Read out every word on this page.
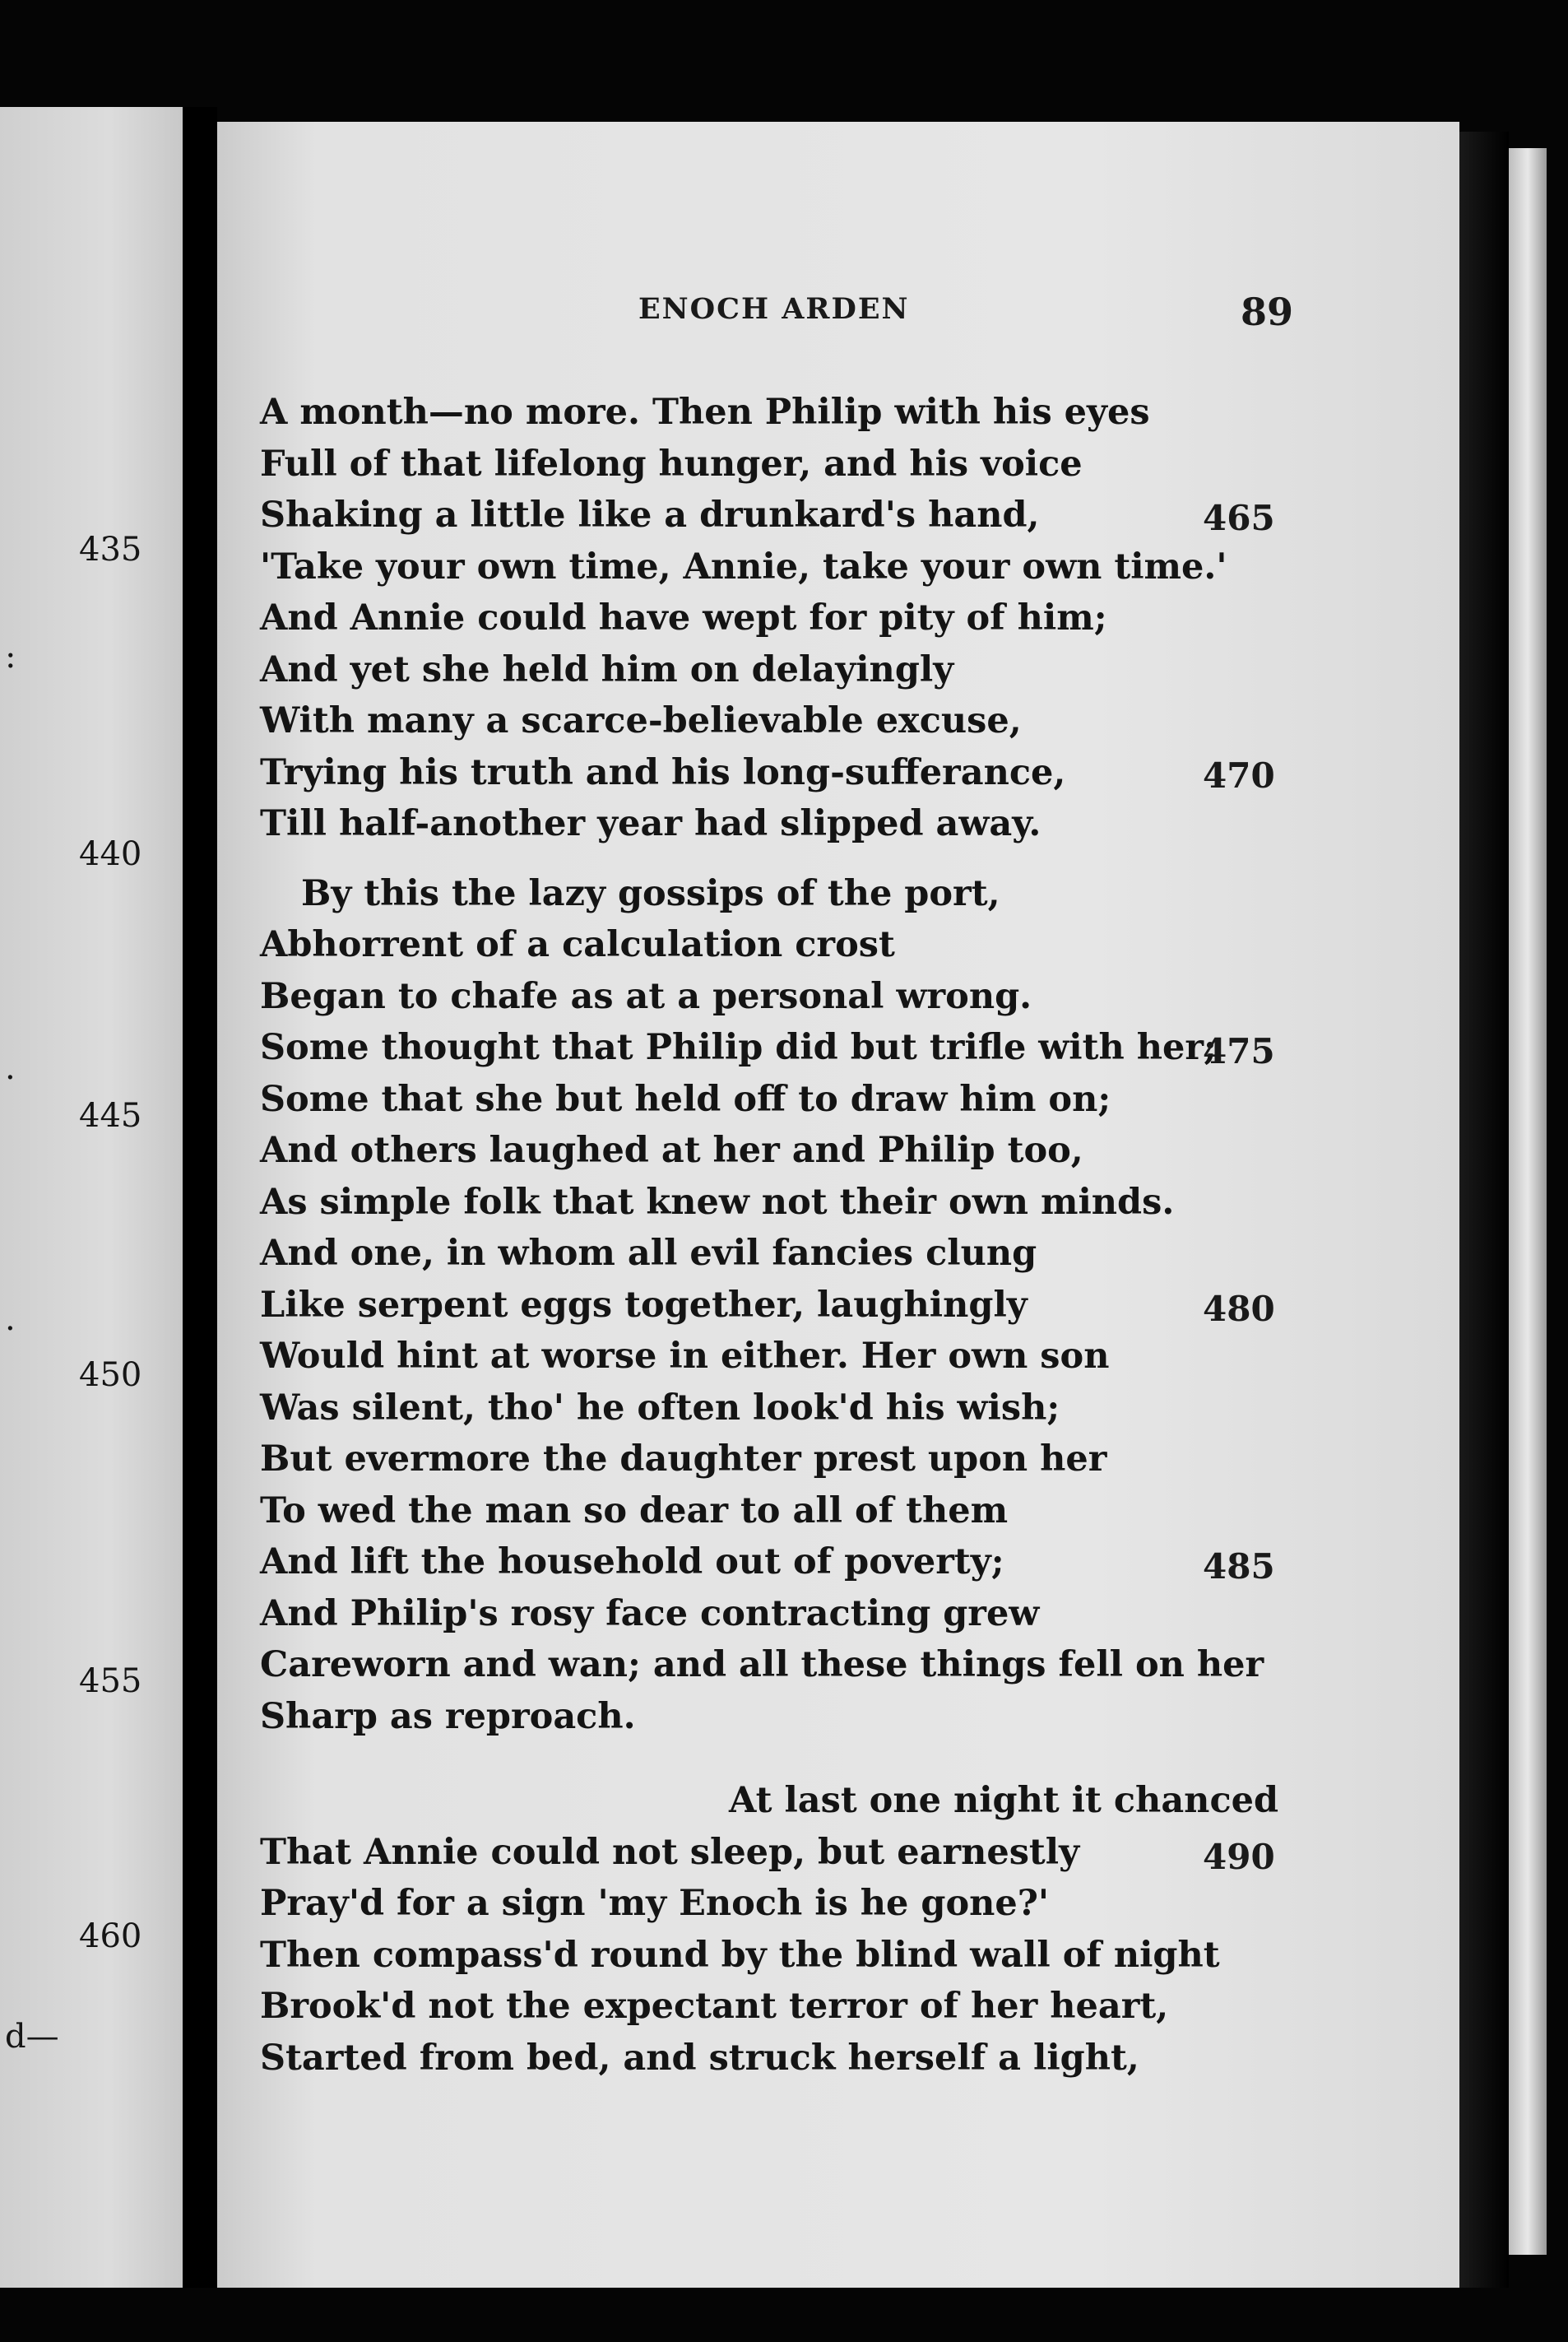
435
440
445
450
455
460
:
.
.
d—
ENOCH ARDEN	89
A month—no more. Then Philip with his eyes
Full of that lifelong hunger, and his voice
Shaking a little like a drunkard's hand,
'Take your own time, Annie, take your own time.'
And Annie could have wept for pity of him;
And yet she held him on delayingly
With many a scarce-believable excuse,
Trying his truth and his long-sufferance,
Till half-another year had slipped away.
By this the lazy gossips of the port,
Abhorrent of a calculation crost
Began to chafe as at a personal wrong.
Some thought that Philip did but trifle with her;
Some that she but held off to draw him on;
And others laughed at her and Philip too,
As simple folk that knew not their own minds.
And one, in whom all evil fancies clung
Like serpent eggs together, laughingly
Would hint at worse in either. Her own son
Was silent, tho' he often look'd his wish;
But evermore the daughter prest upon her
To wed the man so dear to all of them
And lift the household out of poverty;
And Philip's rosy face contracting grew
Careworn and wan; and all these things fell on her
Sharp as reproach.
At last one night it chanced
That Annie could not sleep, but earnestly
Pray'd for a sign 'my Enoch is he gone?'
Then compass'd round by the blind wall of night
Brook'd not the expectant terror of her heart,
Started from bed, and struck herself a light,
465
470
475
480
485
490
